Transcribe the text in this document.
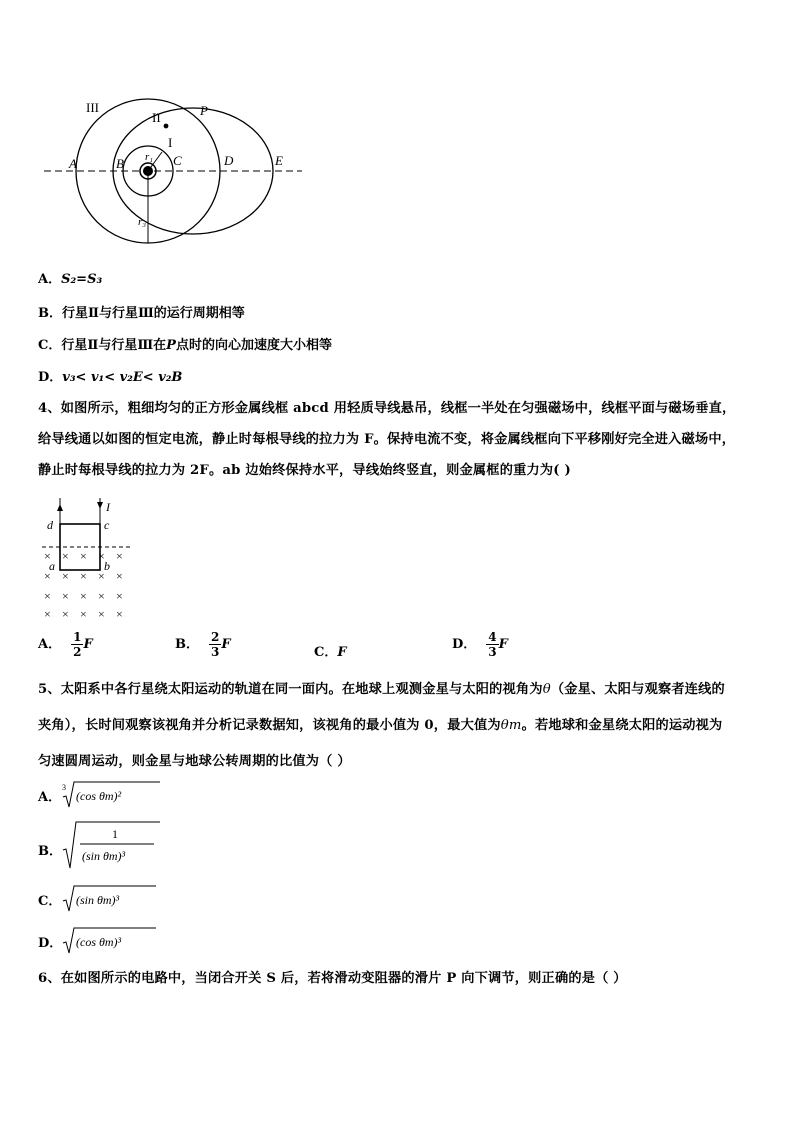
III
II
I
P
A	B	C	D	E
r₁
r₃
A．S₂=S₃
B．行星Ⅱ与行星Ⅲ的运行周期相等
C．行星Ⅱ与行星Ⅲ在P点时的向心加速度大小相等
D．v₃< v₁< v₂E< v₂B
4、如图所示，粗细均匀的正方形金属线框 abcd 用轻质导线悬吊，线框一半处在匀强磁场中，线框平面与磁场垂直，
给导线通以如图的恒定电流，静止时每根导线的拉力为 F。保持电流不变，将金属线框向下平移刚好完全进入磁场中，
静止时每根导线的拉力为 2F。ab 边始终保持水平，导线始终竖直，则金属框的重力为( )
I
d	c
a	b
× × × × ×
× × × × ×
× × × × ×
× × × × ×
A． $\frac{1}{2}$ F	B． $\frac{2}{3}$ F
C．F
D． $\frac{4}{3}$ F
5、太阳系中各行星绕太阳运动的轨道在同一面内。在地球上观测金星与太阳的视角为θ（金星、太阳与观察者连线的
夹角），长时间观察该视角并分析记录数据知，该视角的最小值为 0，最大值为θm。若地球和金星绕太阳的运动视为
匀速圆周运动，则金星与地球公转周期的比值为（ ）
A．
3
(cos θm)²
B．
1
(sin θm)³
C． (sin θm)³
D． (cos θm)³
6、在如图所示的电路中，当闭合开关 S 后，若将滑动变阻器的滑片 P 向下调节，则正确的是（ ）
